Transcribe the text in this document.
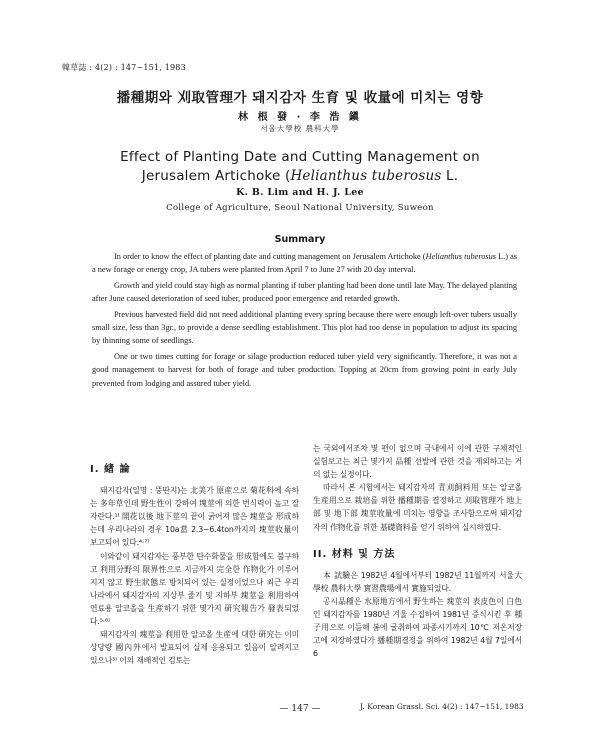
韓草誌 : 4(2) : 147~151, 1983
播種期와 刈取管理가 돼지감자 生育 및 收量에 미치는 영향
林 根 發 · 李 浩 鎭
서울大學校 農科大學
Effect of Planting Date and Cutting Management on
Jerusalem Artichoke (Helianthus tuberosus L.
K. B. Lim and H. J. Lee
College of Agriculture, Seoul National University, Suweon
Summary

In order to know the effect of planting date and cutting management on Jerusalem Artichoke (Helianthus tuberosus L.) as a new forage or energy crop, JA tubers were planted from April 7 to June 27 with 20 day interval.

Growth and yield could stay high as normal planting if tuber planting had been done until late May. The delayed planting after June caused deterioration of seed tuber, produced poor emergence and retarded growth.

Previous harvested field did not need additional planting every spring because there were enough left-over tubers usually small size, less than 3gr., to provide a dense seedling establishment. This plot had too dense in population to adjust its spacing by thinning some of seedlings.

One or two times cutting for forage or silage production reduced tuber yield very significantly. Therefore, it was not a good management to harvest for both of forage and tuber production. Topping at 20cm from growing point in early July prevented from lodging and assured tuber yield.

I. 緖 論

돼지감자(일명 : 뚱딴지)는 北美가 原産으로 菊花科에 속하는 多年草인데 野生性이 강하여 塊莖에 의한 번식력이 높고 잘 자란다.¹⁾ 開花以後 地下莖의 끝이 굵어져 많은 塊莖을 形成하는데 우리나라의 경우 10a當 2.3~6.4ton까지의 塊莖收量이 보고되어 있다.⁴·⁷⁾

이와같이 돼지감자는 풍부한 탄수화물을 形成함에도 불구하고 利用分野의 限界性으로 지금까지 完全한 作物化가 이루어지지 않고 野生狀態로 방치되어 있는 실정이었으나 최근 우리나라에서 돼지감자의 지상부 줄기 및 지하부 塊莖을 利用하여 연료용 알코올을 生産하기 위한 몇가지 硏究報告가 發表되었다.⁵·⁶⁾

돼지감자의 塊莖을 利用한 알코올 生産에 대한 硏究는 이미 상당량 國內外에서 발표되어 실제 응용되고 있음이 알려지고 있으나³⁾ 이의 재배적인 검토는

는 국외에서조차 몇 편이 없으며 국내에서 이에 관한 구체적인 실험보고는 최근 몇가지 品種 선발에 관한 것을 제외하고는 거의 없는 실정이다.

따라서 본 시험에서는 돼지감자의 青刈飼料用 또는 알코올 生産用으로 栽培를 위한 播種期를 결정하고 刈取管理가 地上部 및 地下部 塊莖收量에 미치는 영향을 조사함으로써 돼지감자의 作物化를 위한 基礎資料를 얻기 위하여 실시하였다.

II. 材料 및 方法

本 試驗은 1982년 4월에서부터 1982년 11월까지 서울大學校 農科大學 實習農場에서 實施되었다.

공시品種은 水原地方에서 野生하는 塊莖의 表皮色이 白色인 돼지감자를 1980년 겨울 수집하여 1981년 증식시킨 후 種子用으로 이듬해 봄에 굴취하여 파종시기까지 10℃ 저온저장고에 저장하였다가 播種期결정을 위하여 1982년 4월 7일에서 6

— 147 —	J. Korean Grassl. Sci. 4(2) : 147~151, 1983
